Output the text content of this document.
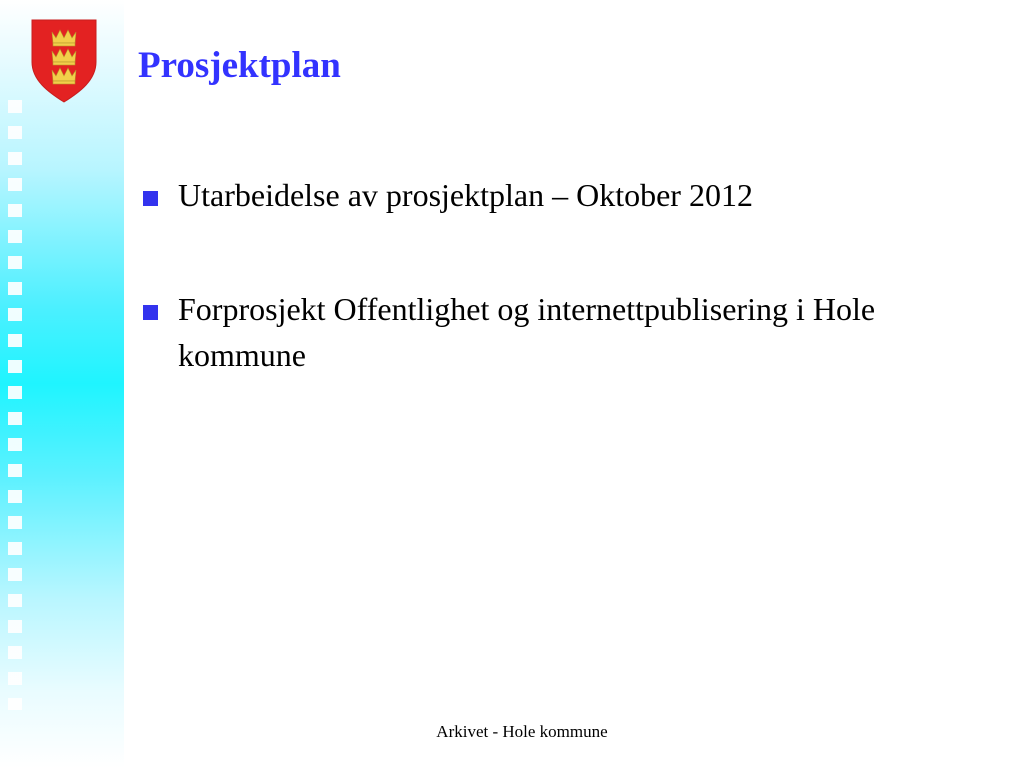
Prosjektplan
Utarbeidelse av prosjektplan – Oktober 2012
Forprosjekt Offentlighet og internettpublisering i Hole kommune
Arkivet - Hole kommune
